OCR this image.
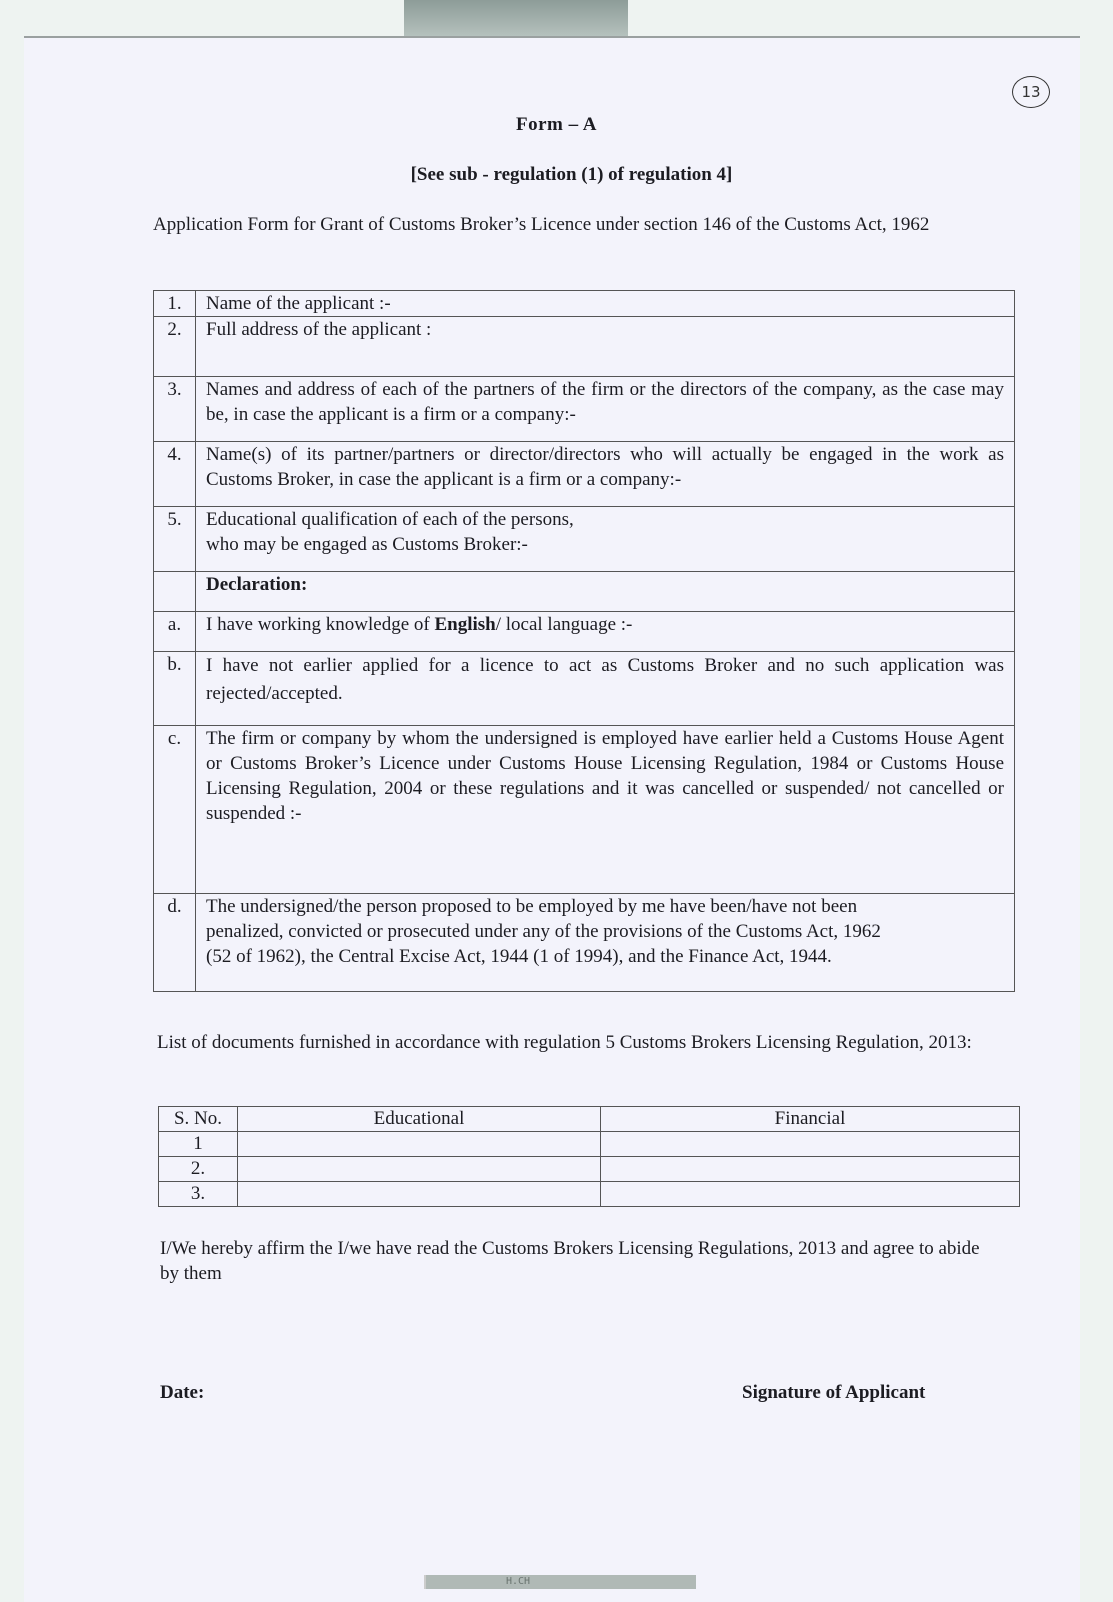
13
Form – A
[See sub - regulation (1) of regulation 4]
Application Form for Grant of Customs Broker’s Licence under section 146 of the Customs Act, 1962
1.	Name of the applicant :-
2.	Full address of the applicant :
3.	Names and address of each of the partners of the firm or the directors of the company, as the case may be, in case the applicant is a firm or a company:-
4.	Name(s) of its partner/partners or director/directors who will actually be engaged in the work as Customs Broker, in case the applicant is a firm or a company:-
5.	Educational qualification of each of the persons,
who may be engaged as Customs Broker:-

	Declaration:
a.	I have working knowledge of English/ local language :-
b.	I have not earlier applied for a licence to act as Customs Broker and no such application was rejected/accepted.
c.	The firm or company by whom the undersigned is employed have earlier held a Customs House Agent or Customs Broker’s Licence under Customs House Licensing Regulation, 1984 or Customs House Licensing Regulation, 2004 or these regulations and it was cancelled or suspended/ not cancelled or suspended :-
d.	The undersigned/the person proposed to be employed by me have been/have not been
penalized, convicted or prosecuted under any of the provisions of the Customs Act, 1962
(52 of 1962), the Central Excise Act, 1944 (1 of 1994), and the Finance Act, 1944.
List of documents furnished in accordance with regulation 5 Customs Brokers Licensing Regulation, 2013:
S. No.	Educational	Financial
1		
2.		
3.		
I/We hereby affirm the I/we have read the Customs Brokers Licensing Regulations, 2013 and agree to abide by them
Date:	Signature of Applicant
H.CH
